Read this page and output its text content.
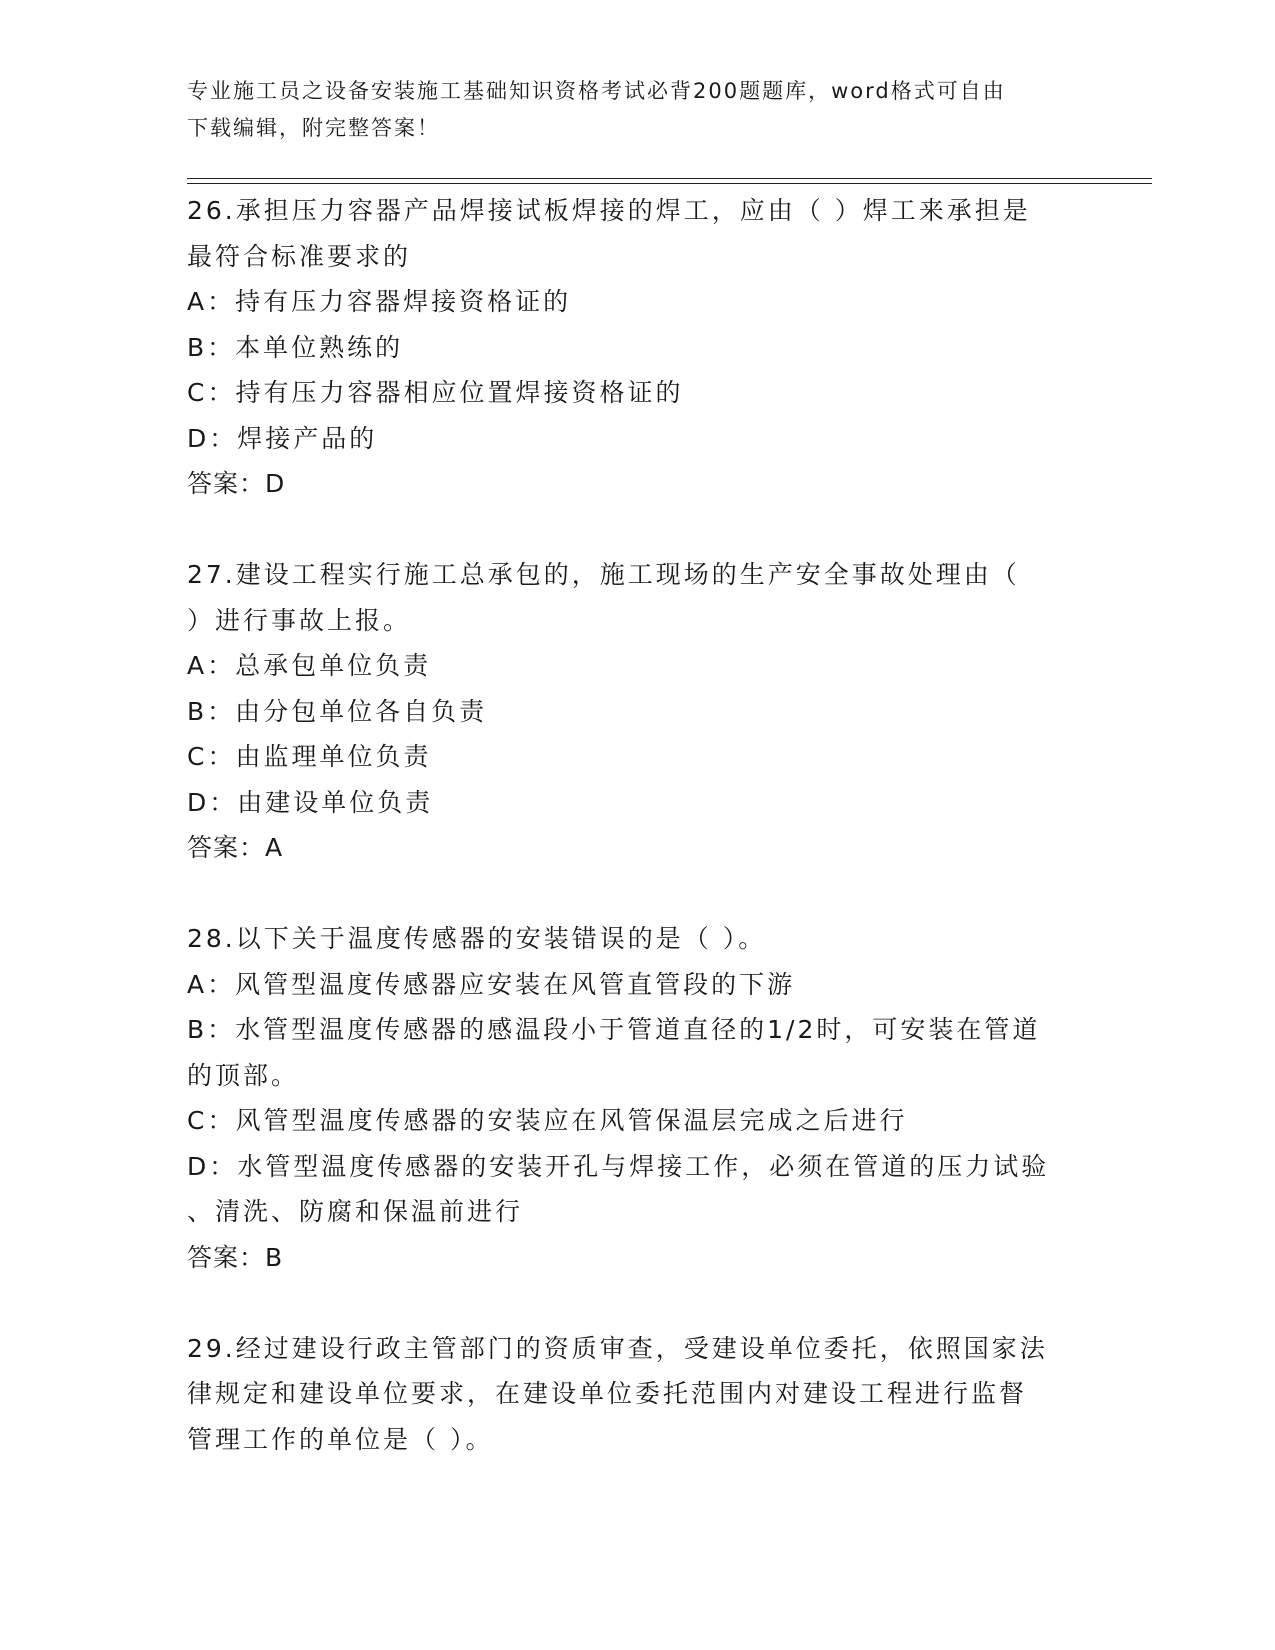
专业施工员之设备安装施工基础知识资格考试必背200题题库，word格式可自由
下载编辑，附完整答案！
26.承担压力容器产品焊接试板焊接的焊工，应由（ ）焊工来承担是
最符合标准要求的
A：持有压力容器焊接资格证的
B：本单位熟练的
C：持有压力容器相应位置焊接资格证的
D：焊接产品的
答案：D
27.建设工程实行施工总承包的，施工现场的生产安全事故处理由（
）进行事故上报。
A：总承包单位负责
B：由分包单位各自负责
C：由监理单位负责
D：由建设单位负责
答案：A
28.以下关于温度传感器的安装错误的是（ ）。
A：风管型温度传感器应安装在风管直管段的下游
B：水管型温度传感器的感温段小于管道直径的1/2时，可安装在管道
的顶部。
C：风管型温度传感器的安装应在风管保温层完成之后进行
D：水管型温度传感器的安装开孔与焊接工作，必须在管道的压力试验
、清洗、防腐和保温前进行
答案：B
29.经过建设行政主管部门的资质审查，受建设单位委托，依照国家法
律规定和建设单位要求，在建设单位委托范围内对建设工程进行监督
管理工作的单位是（ ）。
